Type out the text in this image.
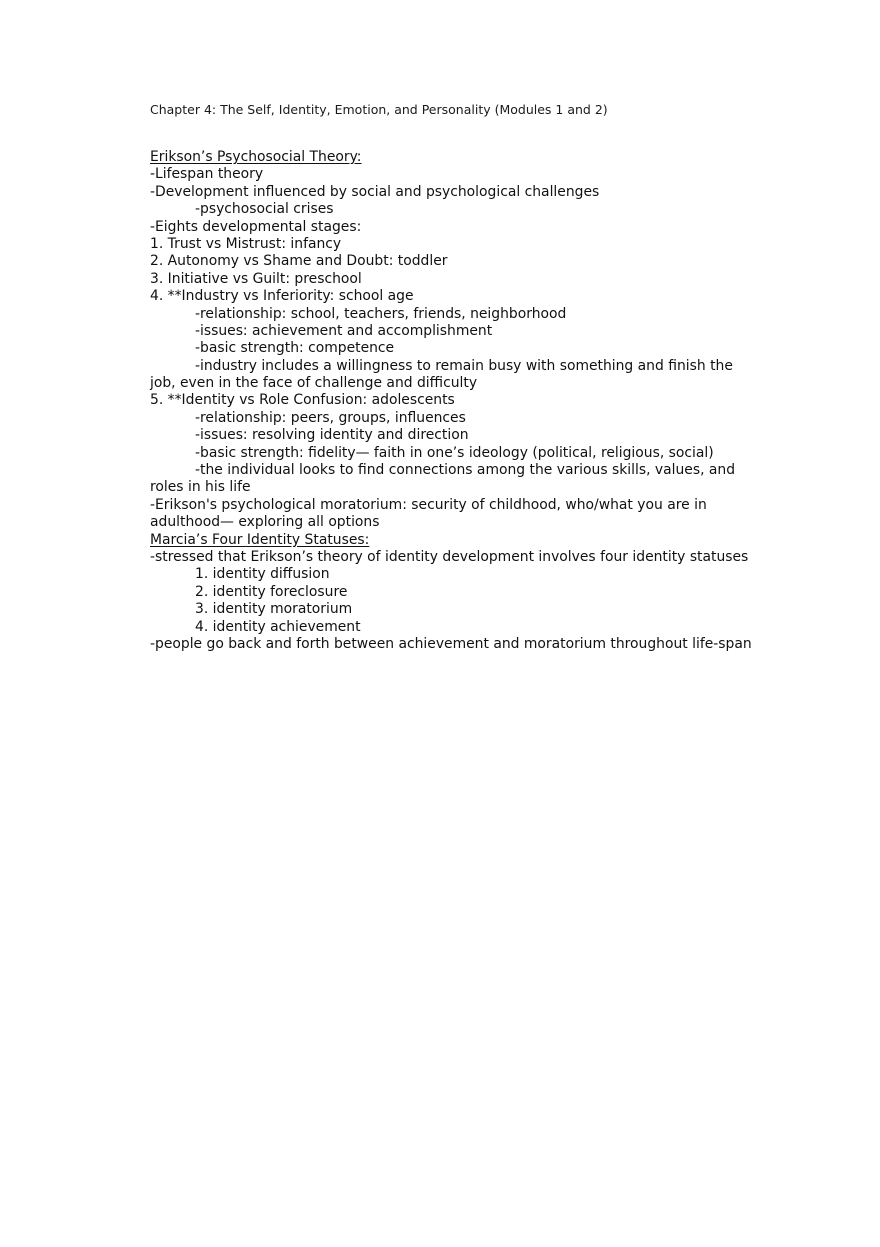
Chapter 4: The Self, Identity, Emotion, and Personality (Modules 1 and 2)
Erikson’s Psychosocial Theory:
-Lifespan theory
-Development influenced by social and psychological challenges
-psychosocial crises
-Eights developmental stages:
1. Trust vs Mistrust: infancy
2. Autonomy vs Shame and Doubt: toddler
3. Initiative vs Guilt: preschool
4. **Industry vs Inferiority: school age
-relationship: school, teachers, friends, neighborhood
-issues: achievement and accomplishment
-basic strength: competence
-industry includes a willingness to remain busy with something and finish the
job, even in the face of challenge and difficulty
5. **Identity vs Role Confusion: adolescents
-relationship: peers, groups, influences
-issues: resolving identity and direction
-basic strength: fidelity— faith in one’s ideology (political, religious, social)
-the individual looks to find connections among the various skills, values, and
roles in his life
-Erikson's psychological moratorium: security of childhood, who/what you are in
adulthood— exploring all options
Marcia’s Four Identity Statuses:
-stressed that Erikson’s theory of identity development involves four identity statuses
1. identity diffusion
2. identity foreclosure
3. identity moratorium
4. identity achievement
-people go back and forth between achievement and moratorium throughout life-span
